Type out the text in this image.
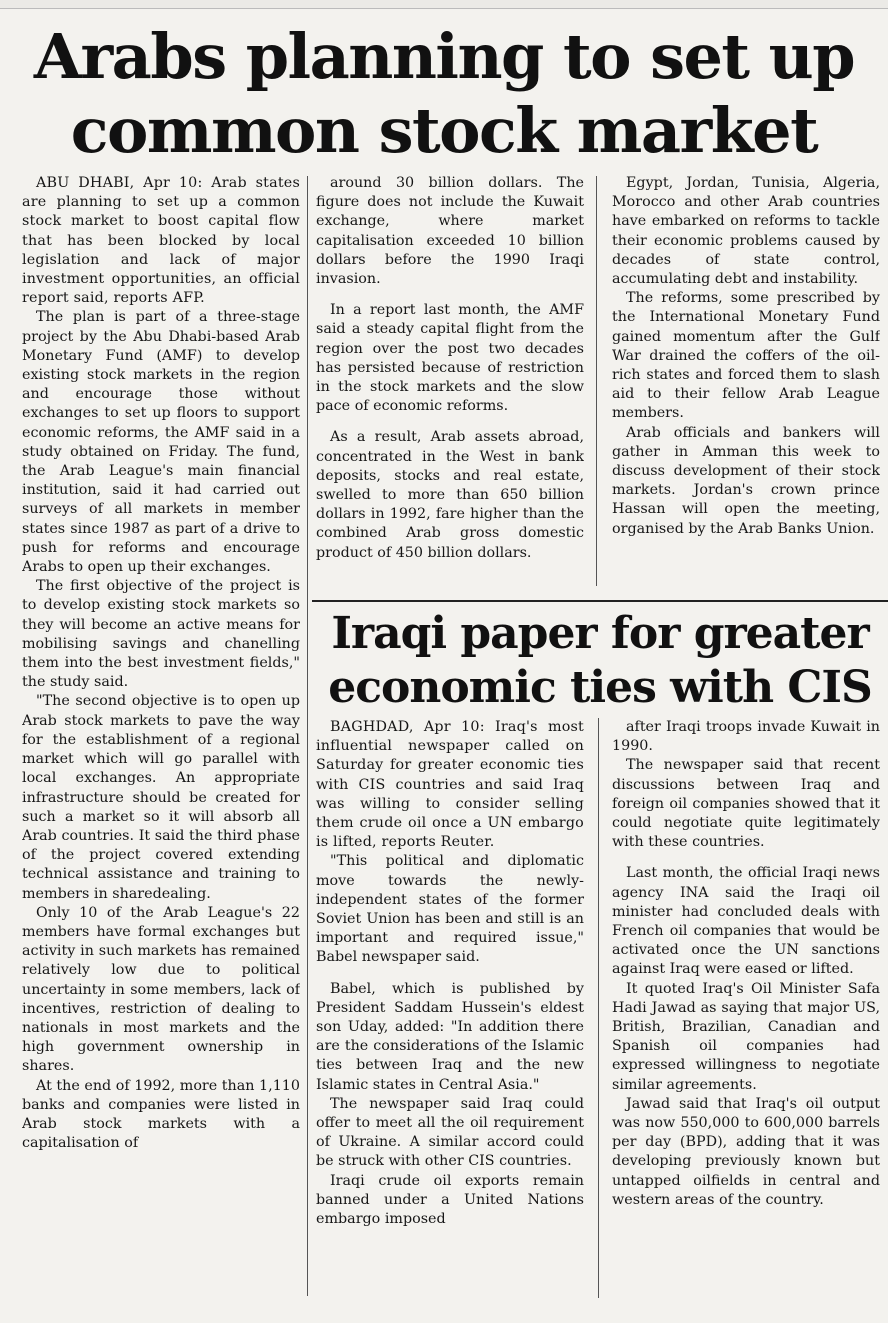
Arabs planning to set up
common stock market

ABU DHABI, Apr 10: Arab states are planning to set up a common stock market to boost capital flow that has been blocked by local legislation and lack of major investment opportunities, an official report said, reports AFP.

The plan is part of a three-stage project by the Abu Dhabi-based Arab Monetary Fund (AMF) to develop existing stock markets in the region and encourage those without exchanges to set up floors to support economic reforms, the AMF said in a study obtained on Friday. The fund, the Arab League's main financial institution, said it had carried out surveys of all markets in member states since 1987 as part of a drive to push for reforms and encourage Arabs to open up their exchanges.

The first objective of the project is to develop existing stock markets so they will become an active means for mobilising savings and chanelling them into the best investment fields," the study said.

"The second objective is to open up Arab stock markets to pave the way for the establishment of a regional market which will go parallel with local exchanges. An appropriate infrastructure should be created for such a market so it will absorb all Arab countries. It said the third phase of the project covered extending technical assistance and training to members in sharedealing.

Only 10 of the Arab League's 22 members have formal exchanges but activity in such markets has remained relatively low due to political uncertainty in some members, lack of incentives, restriction of dealing to nationals in most markets and the high government ownership in shares.

At the end of 1992, more than 1,110 banks and companies were listed in Arab stock markets with a capitalisation of

around 30 billion dollars. The figure does not include the Kuwait exchange, where market capitalisation exceeded 10 billion dollars before the 1990 Iraqi invasion.

In a report last month, the AMF said a steady capital flight from the region over the post two decades has persisted because of restriction in the stock markets and the slow pace of economic reforms.

As a result, Arab assets abroad, concentrated in the West in bank deposits, stocks and real estate, swelled to more than 650 billion dollars in 1992, fare higher than the combined Arab gross domestic product of 450 billion dollars.

Egypt, Jordan, Tunisia, Algeria, Morocco and other Arab countries have embarked on reforms to tackle their economic problems caused by decades of state control, accumulating debt and instability.

The reforms, some prescribed by the International Monetary Fund gained momentum after the Gulf War drained the coffers of the oil-rich states and forced them to slash aid to their fellow Arab League members.

Arab officials and bankers will gather in Amman this week to discuss development of their stock markets. Jordan's crown prince Hassan will open the meeting, organised by the Arab Banks Union.

Iraqi paper for greater
economic ties with CIS

BAGHDAD, Apr 10: Iraq's most influential newspaper called on Saturday for greater economic ties with CIS countries and said Iraq was willing to consider selling them crude oil once a UN embargo is lifted, reports Reuter.

"This political and diplomatic move towards the newly-independent states of the former Soviet Union has been and still is an important and required issue," Babel newspaper said.

Babel, which is published by President Saddam Hussein's eldest son Uday, added: "In addition there are the considerations of the Islamic ties between Iraq and the new Islamic states in Central Asia."

The newspaper said Iraq could offer to meet all the oil requirement of Ukraine. A similar accord could be struck with other CIS countries.

Iraqi crude oil exports remain banned under a United Nations embargo imposed

after Iraqi troops invade Kuwait in 1990.

The newspaper said that recent discussions between Iraq and foreign oil companies showed that it could negotiate quite legitimately with these countries.

Last month, the official Iraqi news agency INA said the Iraqi oil minister had concluded deals with French oil companies that would be activated once the UN sanctions against Iraq were eased or lifted.

It quoted Iraq's Oil Minister Safa Hadi Jawad as saying that major US, British, Brazilian, Canadian and Spanish oil companies had expressed willingness to negotiate similar agreements.

Jawad said that Iraq's oil output was now 550,000 to 600,000 barrels per day (BPD), adding that it was developing previously known but untapped oilfields in central and western areas of the country.
